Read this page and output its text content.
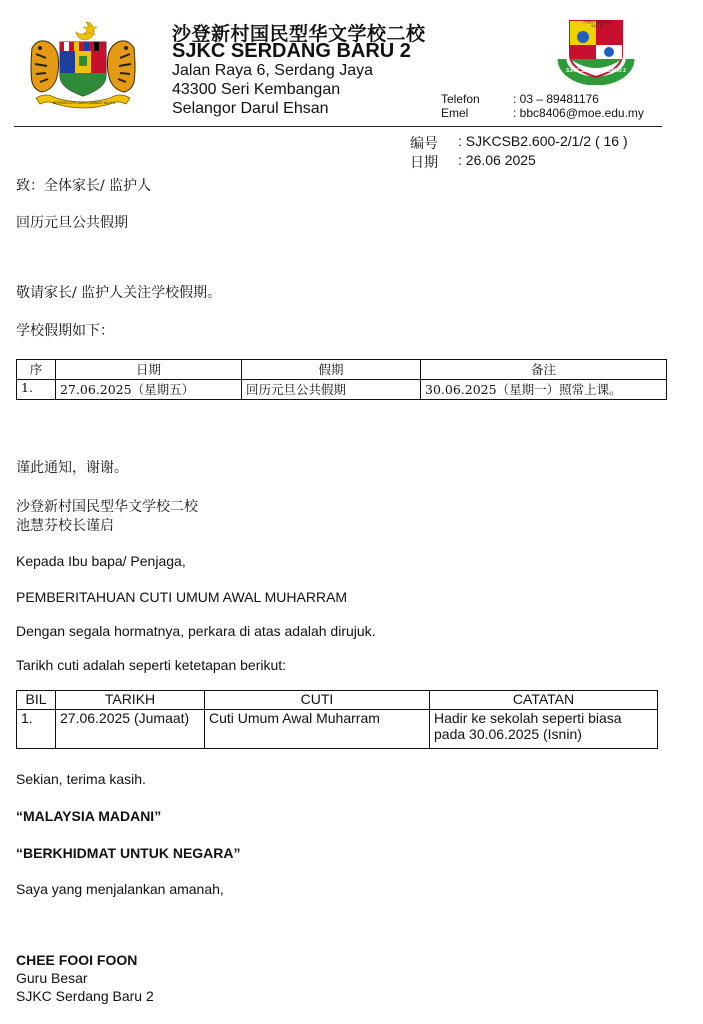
BERSEKUTU BERTAMBAH MUTU
沙登新村国民型华文学校二校
SJKC SERDANG BARU 2
Jalan Raya 6, Serdang Jaya
43300 Seri Kembangan
Selangor Darul Ehsan
Telefon	: 03 – 89481176
Emel	: bbc8406@moe.edu.my
SJKC SERDANG BARU 2
沙登新村 国民型华文 学校二校
编号 : SJKCSB2.600-2/1/2 ( 16 )
日期 : 26.06 2025
致：全体家长/ 监护人
回历元旦公共假期
敬请家长/ 监护人关注学校假期。
学校假期如下：
序	日期	假期	备注
1.	27.06.2025（星期五）	回历元旦公共假期	30.06.2025（星期一）照常上课。
谨此通知，谢谢。
沙登新村国民型华文学校二校
池慧芬校长谨启
Kepada Ibu bapa/ Penjaga,
PEMBERITAHUAN CUTI UMUM AWAL MUHARRAM
Dengan segala hormatnya, perkara di atas adalah dirujuk.
Tarikh cuti adalah seperti ketetapan berikut:
BIL	TARIKH	CUTI	CATATAN
1.	27.06.2025 (Jumaat)	Cuti Umum Awal Muharram	Hadir ke sekolah seperti biasa pada 30.06.2025 (Isnin)
Sekian, terima kasih.
“MALAYSIA MADANI”
“BERKHIDMAT UNTUK NEGARA”
Saya yang menjalankan amanah,
CHEE FOOI FOON
Guru Besar
SJKC Serdang Baru 2
